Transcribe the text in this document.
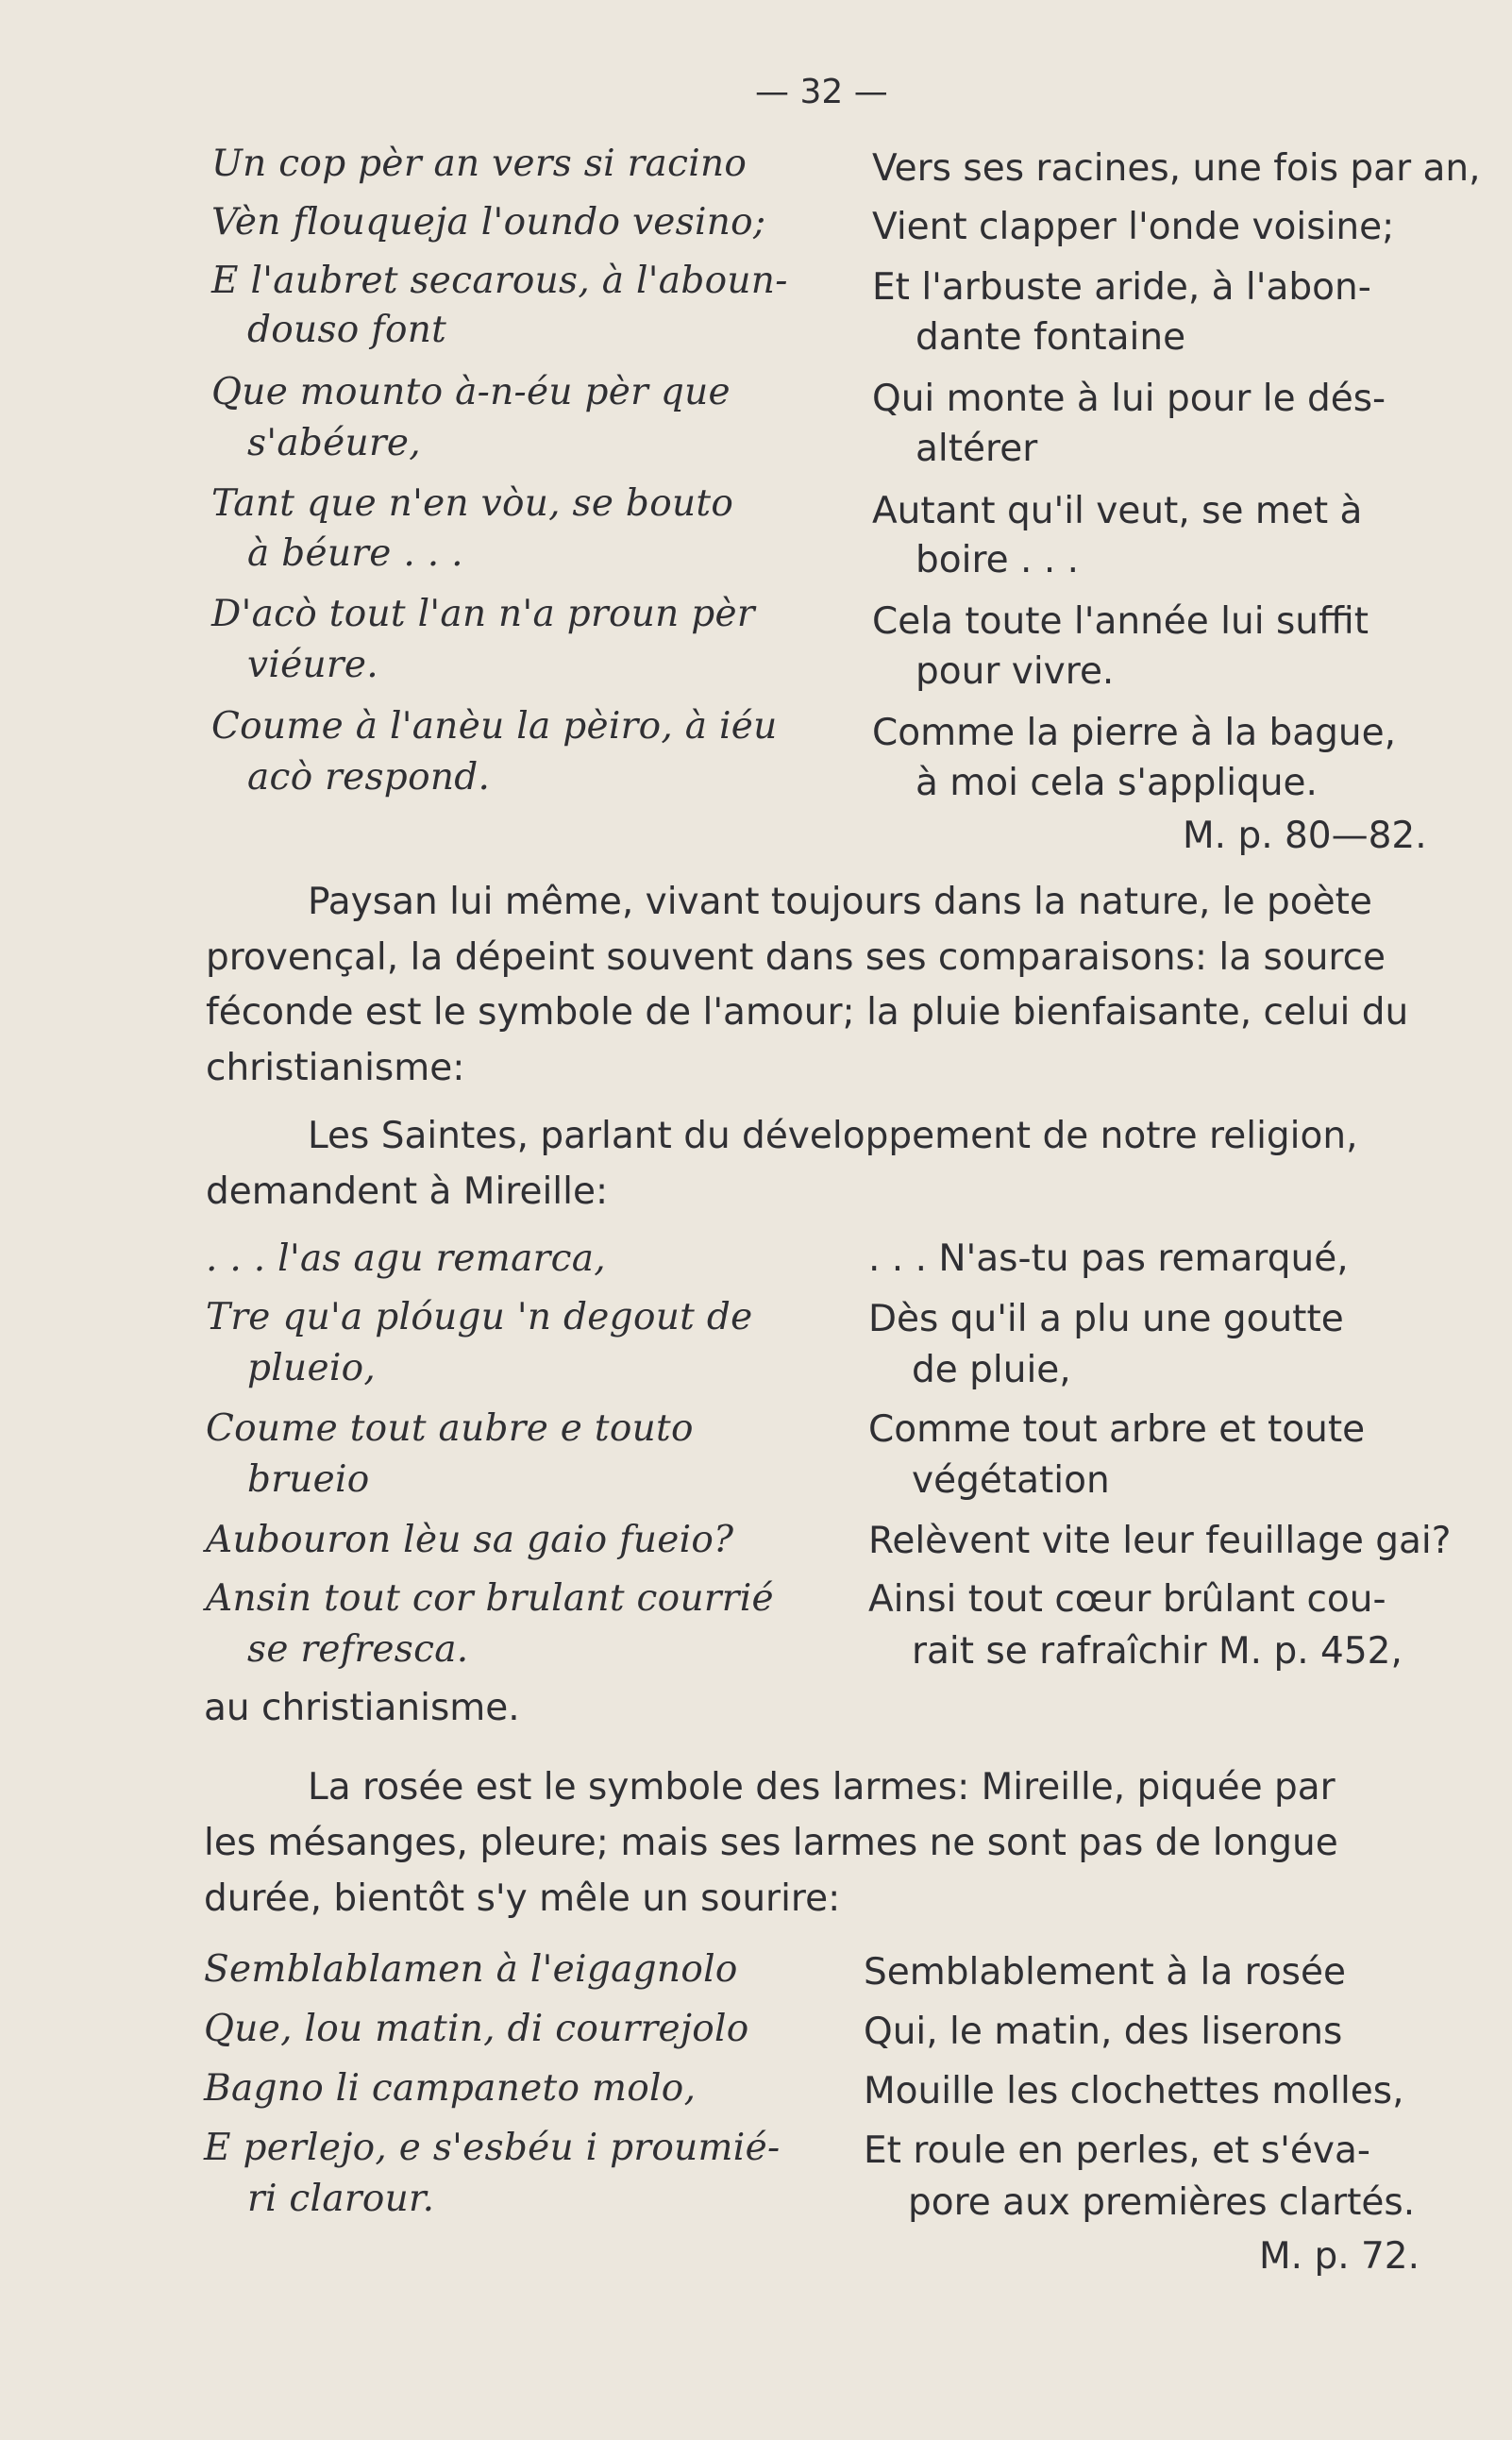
— 32 —
Un cop pèr an vers si racino
Vèn flouqueja l'oundo vesino;
E l'aubret secarous, à l'aboun-
douso font
Que mounto à-n-éu pèr que
s'abéure,
Tant que n'en vòu, se bouto
à béure . . .
D'acò tout l'an n'a proun pèr
viéure.
Coume à l'anèu la pèiro, à iéu
acò respond.
Vers ses racines, une fois par an,
Vient clapper l'onde voisine;
Et l'arbuste aride, à l'abon-
dante fontaine
Qui monte à lui pour le dés-
altérer
Autant qu'il veut, se met à
boire . . .
Cela toute l'année lui suffit
pour vivre.
Comme la pierre à la bague,
à moi cela s'applique.
M. p. 80—82.
Paysan lui même, vivant toujours dans la nature, le poète
provençal, la dépeint souvent dans ses comparaisons: la source
féconde est le symbole de l'amour; la pluie bienfaisante, celui du
christianisme:
Les Saintes, parlant du développement de notre religion,
demandent à Mireille:
. . . l'as agu remarca,
Tre qu'a plóugu 'n degout de
plueio,
Coume tout aubre e touto
brueio
Aubouron lèu sa gaio fueio?
Ansin tout cor brulant courrié
se refresca.
. . . N'as-tu pas remarqué,
Dès qu'il a plu une goutte
de pluie,
Comme tout arbre et toute
végétation
Relèvent vite leur feuillage gai?
Ainsi tout cœur brûlant cou-
rait se rafraîchir M. p. 452,
au christianisme.
La rosée est le symbole des larmes: Mireille, piquée par
les mésanges, pleure; mais ses larmes ne sont pas de longue
durée, bientôt s'y mêle un sourire:
Semblablamen à l'eigagnolo
Que, lou matin, di courrejolo
Bagno li campaneto molo,
E perlejo, e s'esbéu i proumié-
ri clarour.
Semblablement à la rosée
Qui, le matin, des liserons
Mouille les clochettes molles,
Et roule en perles, et s'éva-
pore aux premières clartés.
M. p. 72.
